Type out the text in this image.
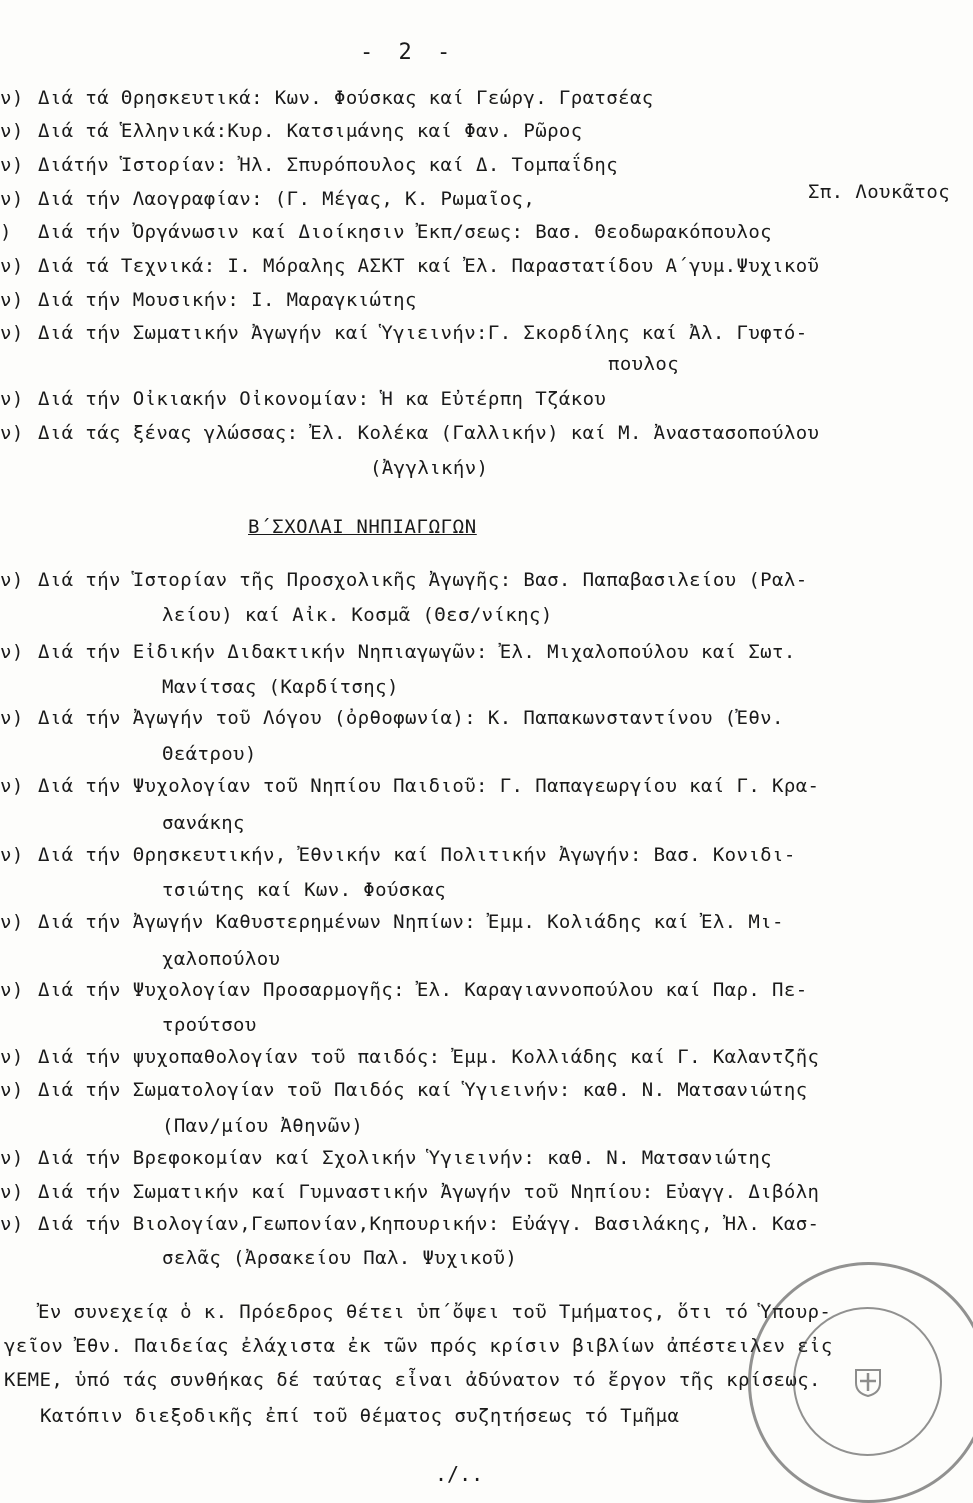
- 2 -
ν) Διά τά Θρησκευτικά: Κων. Φούσκας καί Γεώργ. Γρατσέας
ν) Διά τά Ἑλληνικά:Κυρ. Κατσιμάνης καί Φαν. Ρῶρος
ν) Διάτήν Ἱστορίαν: Ἠλ. Σπυρόπουλος καί Δ. Τομπαΐδης
ν) Διά τήν Λαογραφίαν: (Γ. Μέγας, Κ. Ρωμαῖος,	Σπ. Λουκᾶτος
)	Διά τήν Ὀργάνωσιν καί Διοίκησιν Ἐκπ/σεως: Βασ. Θεοδωρακόπουλος
ν) Διά τά Τεχνικά: Ι. Μόραλης ΑΣΚΤ καί Ἐλ. Παραστατίδου Α΄γυμ.Ψυχικοῦ
ν) Διά τήν Μουσικήν: Ι. Μαραγκιώτης
ν) Διά τήν Σωματικήν Ἀγωγήν καί Ὑγιεινήν:Γ. Σκορδίλης καί Ἀλ. Γυφτό-
πουλος
ν) Διά τήν Οἰκιακήν Οἰκονομίαν: Ἡ κα Εὐτέρπη Τζάκου
ν) Διά τάς ξένας γλώσσας: Ἐλ. Κολέκα (Γαλλικήν) καί Μ. Ἀναστασοπούλου
(Ἀγγλικήν)
Β΄ΣΧΟΛΑΙ ΝΗΠΙΑΓΩΓΩΝ
ν) Διά τήν Ἱστορίαν τῆς Προσχολικῆς Ἀγωγῆς: Βασ. Παπαβασιλείου (Ραλ-
λείου) καί Αἰκ. Κοσμᾶ (Θεσ/νίκης)
ν) Διά τήν Εἰδικήν Διδακτικήν Νηπιαγωγῶν: Ἐλ. Μιχαλοπούλου καί Σωτ.
Μανίτσας (Καρδίτσης)
ν) Διά τήν Ἀγωγήν τοῦ Λόγου (ὀρθοφωνία): Κ. Παπακωνσταντίνου (Ἐθν.
Θεάτρου)
ν) Διά τήν Ψυχολογίαν τοῦ Νηπίου Παιδιοῦ: Γ. Παπαγεωργίου καί Γ. Κρα-
σανάκης
ν) Διά τήν Θρησκευτικήν, Ἐθνικήν καί Πολιτικήν Ἀγωγήν: Βασ. Κονιδι-
τσιώτης καί Κων. Φούσκας
ν) Διά τήν Ἀγωγήν Καθυστερημένων Νηπίων: Ἐμμ. Κολιάδης καί Ἐλ. Μι-
χαλοπούλου
ν) Διά τήν Ψυχολογίαν Προσαρμογῆς: Ἐλ. Καραγιαννοπούλου καί Παρ. Πε-
τρούτσου
ν) Διά τήν ψυχοπαθολογίαν τοῦ παιδός: Ἐμμ. Κολλιάδης καί Γ. Καλαντζῆς
ν) Διά τήν Σωματολογίαν τοῦ Παιδός καί Ὑγιεινήν: καθ. Ν. Ματσανιώτης
(Παν/μίου Ἀθηνῶν)
ν) Διά τήν Βρεφοκομίαν καί Σχολικήν Ὑγιεινήν: καθ. Ν. Ματσανιώτης
ν) Διά τήν Σωματικήν καί Γυμναστικήν Ἀγωγήν τοῦ Νηπίου: Εὐαγγ. Διβόλη
ν) Διά τήν Βιολογίαν,Γεωπονίαν,Κηπουρικήν: Εὐάγγ. Βασιλάκης, Ἠλ. Κασ-
σελᾶς (Ἀρσακείου Παλ. Ψυχικοῦ)
Ἐν συνεχείᾳ ὁ κ. Πρόεδρος θέτει ὑπ΄ὄψει τοῦ Τμήματος, ὅτι τό Ὑπουρ-
γεῖον Ἐθν. Παιδείας ἐλάχιστα ἐκ τῶν πρός κρίσιν βιβλίων ἀπέστειλεν εἰς
ΚΕΜΕ, ὑπό τάς συνθήκας δέ ταύτας εἶναι ἀδύνατον τό ἔργον τῆς κρίσεως.
Κατόπιν διεξοδικῆς ἐπί τοῦ θέματος συζητήσεως τό Τμῆμα
./..
